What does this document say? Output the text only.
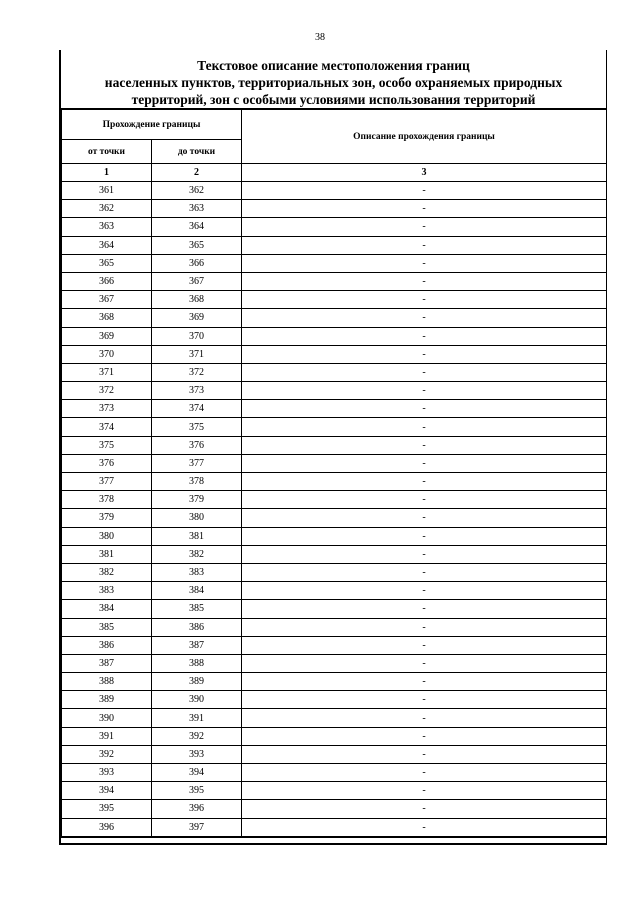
38
Текстовое описание местоположения границ
населенных пунктов, территориальных зон, особо охраняемых природных
территорий, зон с особыми условиями использования территорий
Прохождение границы		Описание прохождения границы
от точки	до точки	
1	2	3
361	362	-
362	363	-
363	364	-
364	365	-
365	366	-
366	367	-
367	368	-
368	369	-
369	370	-
370	371	-
371	372	-
372	373	-
373	374	-
374	375	-
375	376	-
376	377	-
377	378	-
378	379	-
379	380	-
380	381	-
381	382	-
382	383	-
383	384	-
384	385	-
385	386	-
386	387	-
387	388	-
388	389	-
389	390	-
390	391	-
391	392	-
392	393	-
393	394	-
394	395	-
395	396	-
396	397	-
